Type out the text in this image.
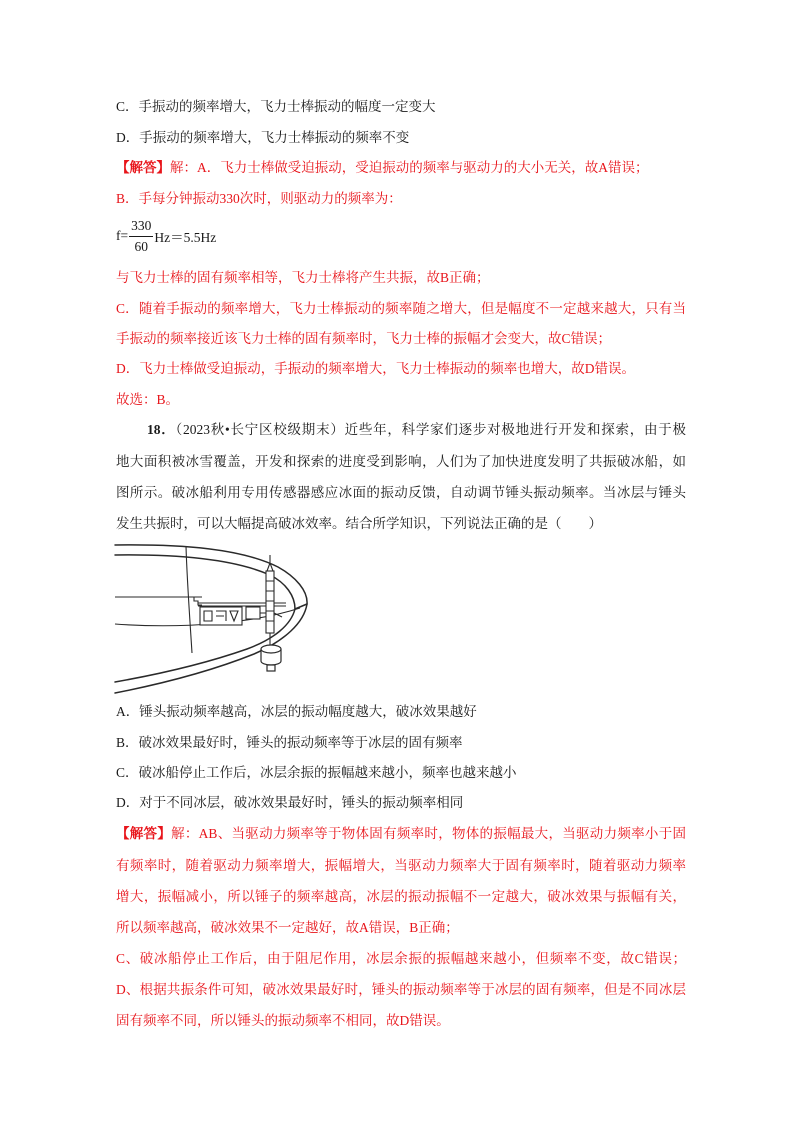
C．手振动的频率增大，飞力士棒振动的幅度一定变大
D．手振动的频率增大，飞力士棒振动的频率不变
【解答】解：A．飞力士棒做受迫振动，受迫振动的频率与驱动力的大小无关，故A错误；
B．手每分钟振动330次时，则驱动力的频率为：
$f= \frac{330}{60} Hz=5.5Hz$
与飞力士棒的固有频率相等，飞力士棒将产生共振，故B正确；
C．随着手振动的频率增大，飞力士棒振动的频率随之增大，但是幅度不一定越来越大，只有当
手振动的频率接近该飞力士棒的固有频率时，飞力士棒的振幅才会变大，故C错误；
D．飞力士棒做受迫振动，手振动的频率增大，飞力士棒振动的频率也增大，故D错误。
故选：B。
18．（2023秋•长宁区校级期末）近些年，科学家们逐步对极地进行开发和探索，由于极
地大面积被冰雪覆盖，开发和探索的进度受到影响，人们为了加快进度发明了共振破冰船，如
图所示。破冰船利用专用传感器感应冰面的振动反馈，自动调节锤头振动频率。当冰层与锤头
发生共振时，可以大幅提高破冰效率。结合所学知识，下列说法正确的是（　　）
A．锤头振动频率越高，冰层的振动幅度越大，破冰效果越好
B．破冰效果最好时，锤头的振动频率等于冰层的固有频率
C．破冰船停止工作后，冰层余振的振幅越来越小，频率也越来越小
D．对于不同冰层，破冰效果最好时，锤头的振动频率相同
【解答】解：AB、当驱动力频率等于物体固有频率时，物体的振幅最大，当驱动力频率小于固
有频率时，随着驱动力频率增大，振幅增大，当驱动力频率大于固有频率时，随着驱动力频率
增大，振幅减小，所以锤子的频率越高，冰层的振动振幅不一定越大，破冰效果与振幅有关，
所以频率越高，破冰效果不一定越好，故A错误，B正确；
C、破冰船停止工作后，由于阻尼作用，冰层余振的振幅越来越小，但频率不变，故C错误；
D、根据共振条件可知，破冰效果最好时，锤头的振动频率等于冰层的固有频率，但是不同冰层
固有频率不同，所以锤头的振动频率不相同，故D错误。
